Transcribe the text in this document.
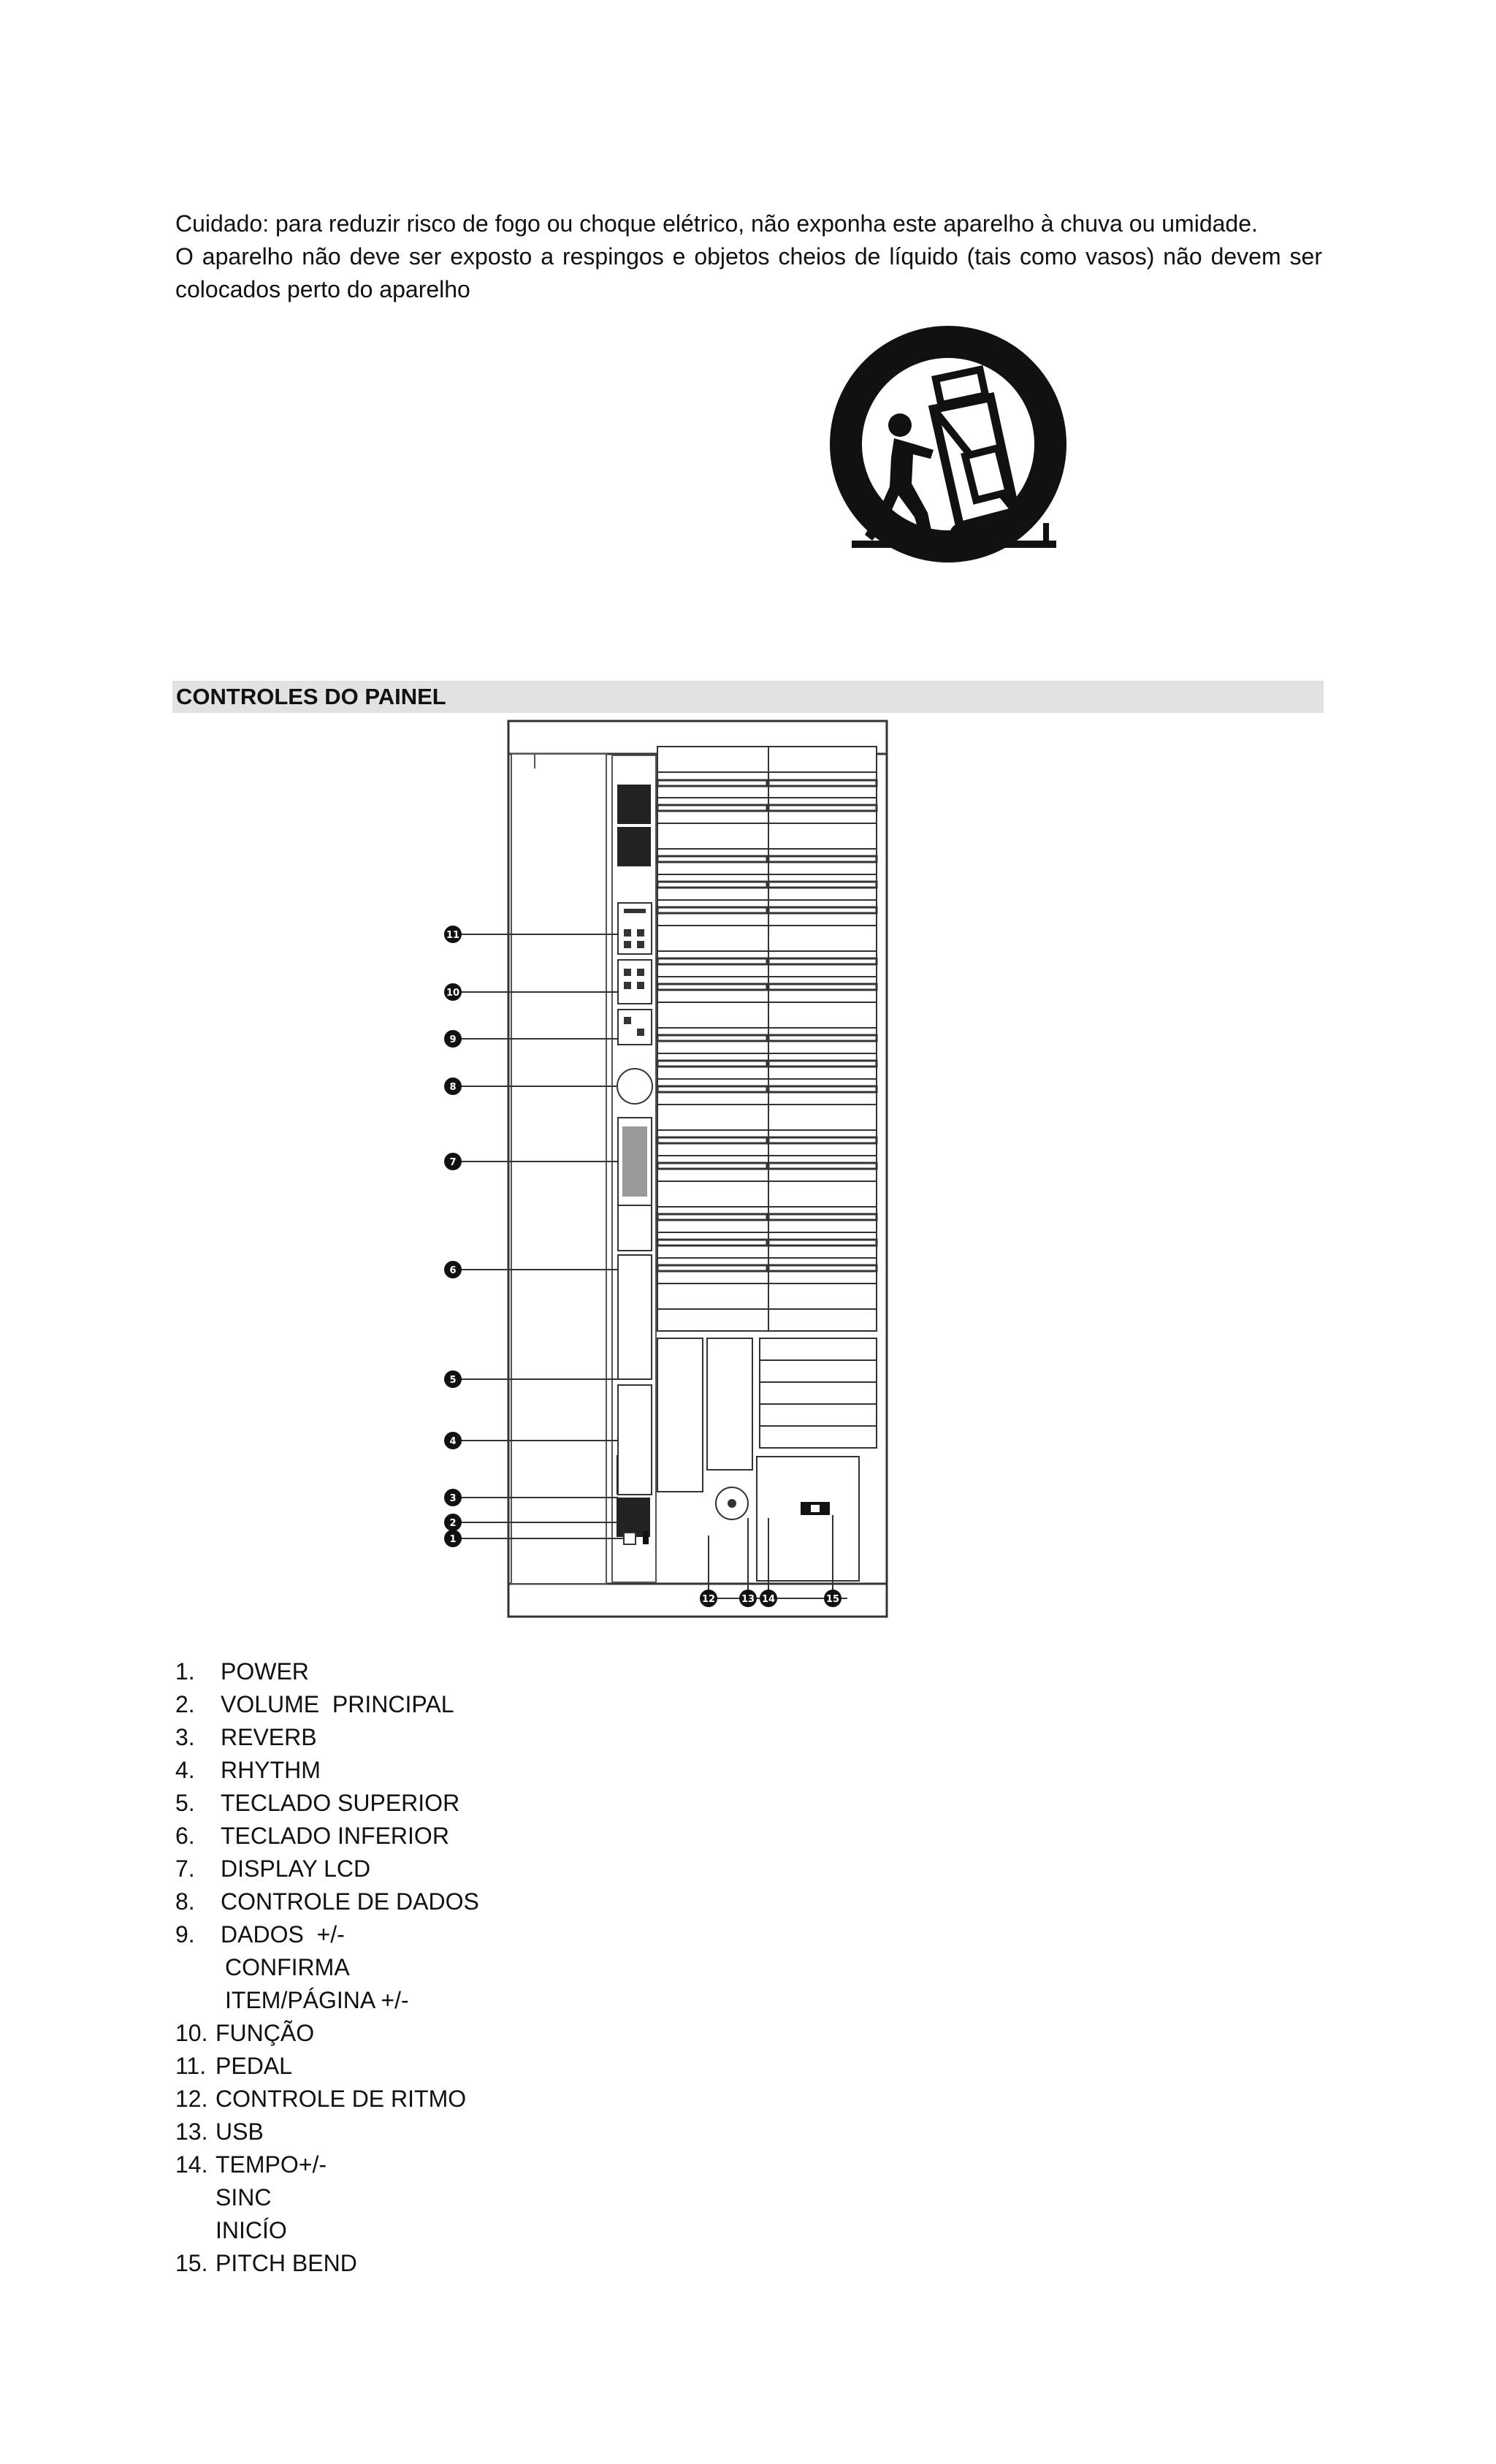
Cuidado: para reduzir risco de fogo ou choque elétrico, não exponha este aparelho à chuva ou umidade.

O aparelho não deve ser exposto a respingos e objetos cheios de líquido (tais como vasos) não devem ser colocados perto do aparelho

CONTROLES DO PAINEL
11
10
9
8
7
6
5
4
3
2
1
12	13 14	15
1.	POWER
2.	VOLUME  PRINCIPAL
3.	REVERB
4.	RHYTHM
5.	TECLADO SUPERIOR
6.	TECLADO INFERIOR
7.	DISPLAY LCD
8.	CONTROLE DE DADOS
9.	DADOS  +/-
CONFIRMA
ITEM/PÁGINA +/-
10. FUNÇÃO
11. PEDAL
12. CONTROLE DE RITMO
13. USB
14. TEMPO+/-
SINC
INICÍO
15. PITCH BEND
